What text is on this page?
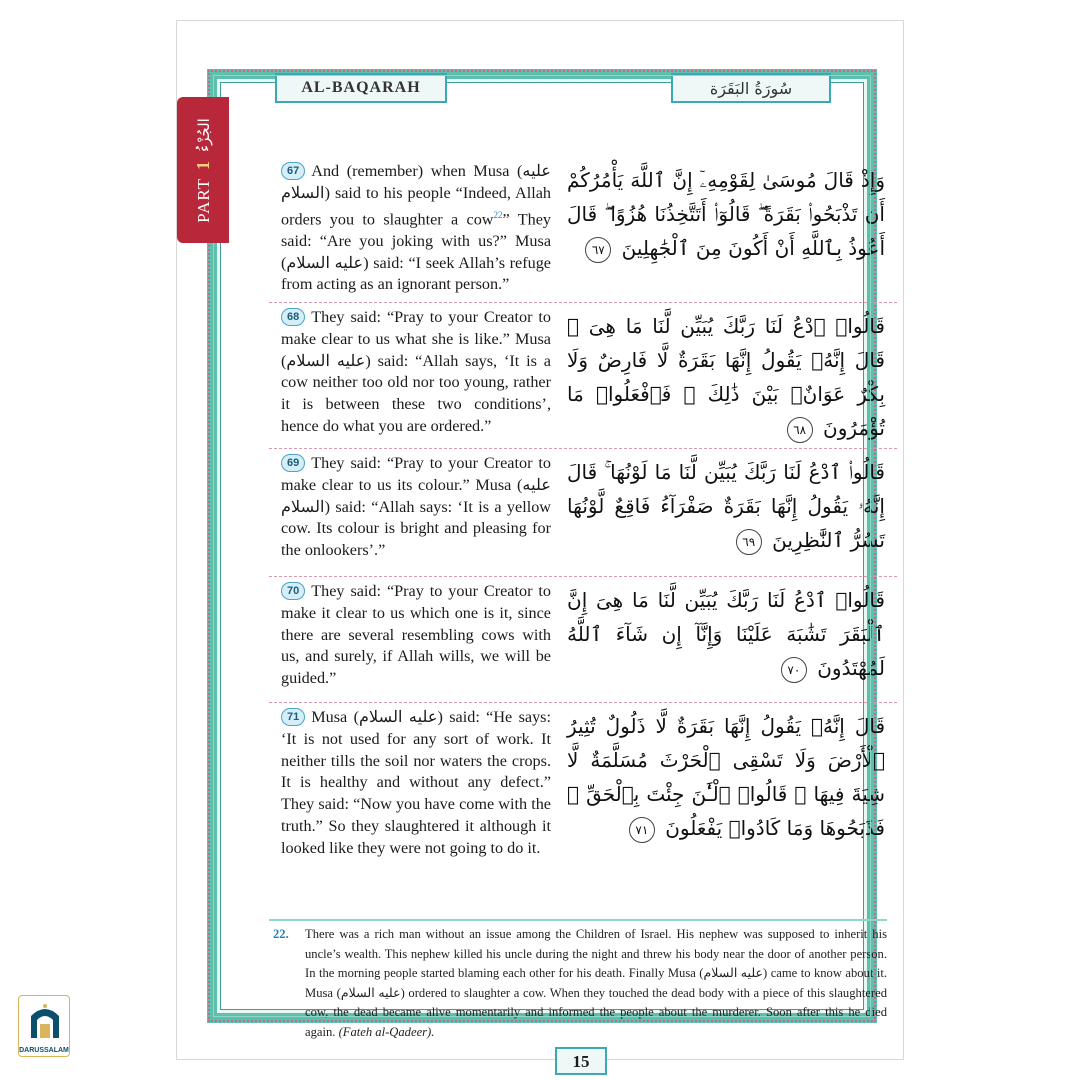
AL-BAQARAH	سُورَةُ البَقَرَة
67 And (remember) when Musa (عليه السلام) said to his people “Indeed, Allah orders you to slaughter a cow$^{22}$” They said: “Are you joking with us?” Musa (عليه السلام) said: “I seek Allah’s refuge from acting as an ignorant person.”
وَإِذْ قَالَ مُوسَىٰ لِقَوْمِهِۦٓ إِنَّ ٱللَّهَ يَأْمُرُكُمْ أَن تَذْبَحُوا۟ بَقَرَةً ۖ قَالُوٓا۟ أَتَتَّخِذُنَا هُزُوًا ۖ قَالَ أَعُوذُ بِٱللَّهِ أَنْ أَكُونَ مِنَ ٱلْجَٰهِلِينَ ٦٧
68 They said: “Pray to your Creator to make clear to us what she is like.” Musa (عليه السلام) said: “Allah says, ‘It is a cow neither too old nor too young, rather it is between these two conditions’, hence do what you are ordered.”
قَالُوا۟ ٱدْعُ لَنَا رَبَّكَ يُبَيِّن لَّنَا مَا هِىَ ۚ قَالَ إِنَّهُۥ يَقُولُ إِنَّهَا بَقَرَةٌ لَّا فَارِضٌ وَلَا بِكْرٌ عَوَانٌۢ بَيْنَ ذَٰلِكَ ۖ فَٱفْعَلُوا۟ مَا تُؤْمَرُونَ ٦٨
69 They said: “Pray to your Creator to make clear to us its colour.” Musa (عليه السلام) said: “Allah says: ‘It is a yellow cow. Its colour is bright and pleasing for the onlookers’.”
قَالُوا۟ ٱدْعُ لَنَا رَبَّكَ يُبَيِّن لَّنَا مَا لَوْنُهَا ۚ قَالَ إِنَّهُۥ يَقُولُ إِنَّهَا بَقَرَةٌ صَفْرَآءُ فَاقِعٌ لَّوْنُهَا تَسُرُّ ٱلنَّٰظِرِينَ ٦٩
70 They said: “Pray to your Creator to make it clear to us which one is it, since there are several resembling cows with us, and surely, if Allah wills, we will be guided.”
قَالُوا۟ ٱدْعُ لَنَا رَبَّكَ يُبَيِّن لَّنَا مَا هِىَ إِنَّ ٱلْبَقَرَ تَشَٰبَهَ عَلَيْنَا وَإِنَّآ إِن شَآءَ ٱللَّهُ لَمُهْتَدُونَ ٧٠
71 Musa (عليه السلام) said: “He says: ‘It is not used for any sort of work. It neither tills the soil nor waters the crops. It is healthy and without any defect.” They said: “Now you have come with the truth.” So they slaughtered it although it looked like they were not going to do it.
قَالَ إِنَّهُۥ يَقُولُ إِنَّهَا بَقَرَةٌ لَّا ذَلُولٌ تُثِيرُ ٱلْأَرْضَ وَلَا تَسْقِى ٱلْحَرْثَ مُسَلَّمَةٌ لَّا شِيَةَ فِيهَا ۚ قَالُوا۟ ٱلْـَٰٔنَ جِئْتَ بِٱلْحَقِّ ۚ فَذَبَحُوهَا وَمَا كَادُوا۟ يَفْعَلُونَ ٧١
22.	There was a rich man without an issue among the Children of Israel. His nephew was supposed to inherit his uncle’s wealth. This nephew killed his uncle during the night and threw his body near the door of another person. In the morning people started blaming each other for his death. Finally Musa (عليه السلام) came to know about it. Musa (عليه السلام) ordered to slaughter a cow. When they touched the dead body with a piece of this slaughtered cow, the dead became alive momentarily and informed the people about the murderer. Soon after this he died again. (Fateh al-Qadeer).
15
PART
1
الجُزْءُ
DARUSSALAM
